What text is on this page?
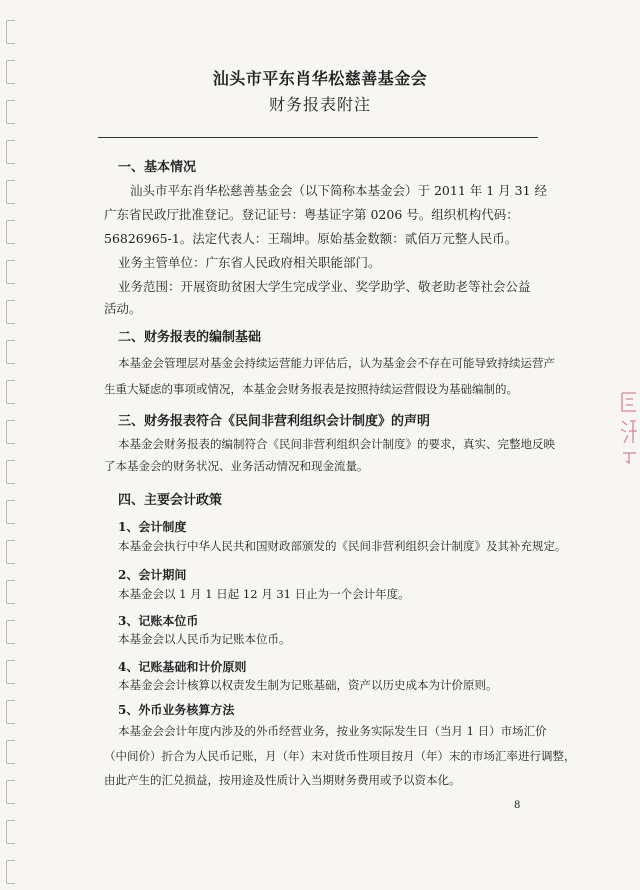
汕头市平东肖华松慈善基金会
财务报表附注
一、基本情况
汕头市平东肖华松慈善基金会（以下简称本基金会）于 2011 年 1 月 31 经
广东省民政厅批准登记。登记证号：粤基证字第 0206 号。组织机构代码：
56826965-1。法定代表人：王瑞坤。原始基金数额：贰佰万元整人民币。
业务主管单位：广东省人民政府相关职能部门。
业务范围：开展资助贫困大学生完成学业、奖学助学、敬老助老等社会公益
活动。
二、财务报表的编制基础
本基金会管理层对基金会持续运营能力评估后，认为基金会不存在可能导致持续运营产
生重大疑虑的事项或情况，本基金会财务报表是按照持续运营假设为基础编制的。
三、财务报表符合《民间非营利组织会计制度》的声明
本基金会财务报表的编制符合《民间非营利组织会计制度》的要求，真实、完整地反映
了本基金会的财务状况、业务活动情况和现金流量。
四、主要会计政策
1、会计制度
本基金会执行中华人民共和国财政部颁发的《民间非营利组织会计制度》及其补充规定。
2、会计期间
本基金会以 1 月 1 日起 12 月 31 日止为一个会计年度。
3、记账本位币
本基金会以人民币为记账本位币。
4、记账基础和计价原则
本基金会会计核算以权责发生制为记账基础，资产以历史成本为计价原则。
5、外币业务核算方法
本基金会会计年度内涉及的外币经营业务，按业务实际发生日（当月 1 日）市场汇价
（中间价）折合为人民币记账，月（年）末对货币性项目按月（年）末的市场汇率进行调整，
由此产生的汇兑损益，按用途及性质计入当期财务费用或予以资本化。
8
